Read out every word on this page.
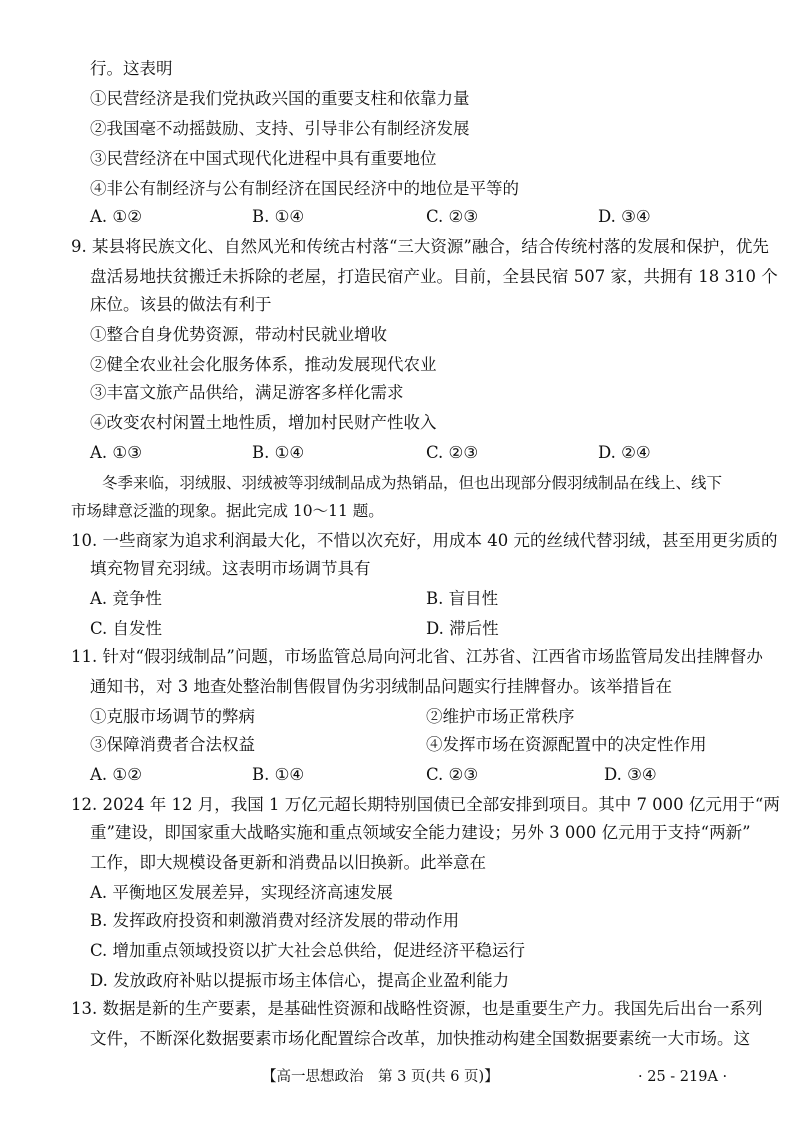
行。这表明
①民营经济是我们党执政兴国的重要支柱和依靠力量
②我国毫不动摇鼓励、支持、引导非公有制经济发展
③民营经济在中国式现代化进程中具有重要地位
④非公有制经济与公有制经济在国民经济中的地位是平等的
A. ①②	B. ①④	C. ②③	D. ③④
9. 某县将民族文化、自然风光和传统古村落“三大资源”融合，结合传统村落的发展和保护，优先
盘活易地扶贫搬迁未拆除的老屋，打造民宿产业。目前，全县民宿 507 家，共拥有 18 310 个
床位。该县的做法有利于
①整合自身优势资源，带动村民就业增收
②健全农业社会化服务体系，推动发展现代农业
③丰富文旅产品供给，满足游客多样化需求
④改变农村闲置土地性质，增加村民财产性收入
A. ①③	B. ①④	C. ②③	D. ②④
冬季来临，羽绒服、羽绒被等羽绒制品成为热销品，但也出现部分假羽绒制品在线上、线下
市场肆意泛滥的现象。据此完成 10～11 题。
10. 一些商家为追求利润最大化，不惜以次充好，用成本 40 元的丝绒代替羽绒，甚至用更劣质的
填充物冒充羽绒。这表明市场调节具有
A. 竞争性	B. 盲目性
C. 自发性	D. 滞后性
11. 针对“假羽绒制品”问题，市场监管总局向河北省、江苏省、江西省市场监管局发出挂牌督办
通知书，对 3 地查处整治制售假冒伪劣羽绒制品问题实行挂牌督办。该举措旨在
①克服市场调节的弊病	②维护市场正常秩序
③保障消费者合法权益	④发挥市场在资源配置中的决定性作用
A. ①②	B. ①④	C. ②③	D. ③④
12. 2024 年 12 月，我国 1 万亿元超长期特别国债已全部安排到项目。其中 7 000 亿元用于“两
重”建设，即国家重大战略实施和重点领域安全能力建设；另外 3 000 亿元用于支持“两新”
工作，即大规模设备更新和消费品以旧换新。此举意在
A. 平衡地区发展差异，实现经济高速发展
B. 发挥政府投资和刺激消费对经济发展的带动作用
C. 增加重点领域投资以扩大社会总供给，促进经济平稳运行
D. 发放政府补贴以提振市场主体信心，提高企业盈利能力
13. 数据是新的生产要素，是基础性资源和战略性资源，也是重要生产力。我国先后出台一系列
文件，不断深化数据要素市场化配置综合改革，加快推动构建全国数据要素统一大市场。这
【高一思想政治　第 3 页(共 6 页)】	· 25 - 219A ·
